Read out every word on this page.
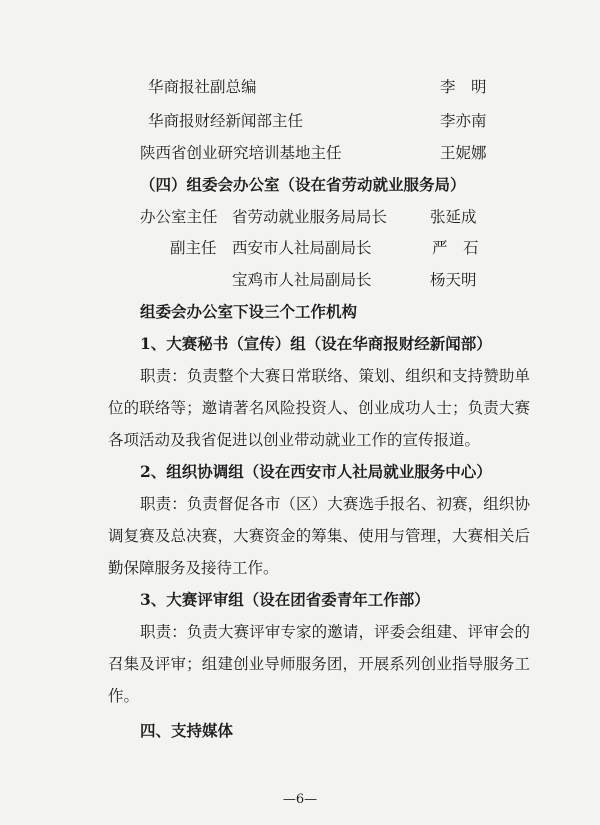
华商报社副总编	李　明
华商报财经新闻部主任	李亦南
陕西省创业研究培训基地主任	王妮娜
（四）组委会办公室（设在省劳动就业服务局）
办公室主任 省劳动就业服务局局长	张延成
副主任 西安市人社局副局长	严　石
宝鸡市人社局副局长	杨天明
组委会办公室下设三个工作机构
1、大赛秘书（宣传）组（设在华商报财经新闻部）
职责：负责整个大赛日常联络、策划、组织和支持赞助单
位的联络等；邀请著名风险投资人、创业成功人士；负责大赛
各项活动及我省促进以创业带动就业工作的宣传报道。
2、组织协调组（设在西安市人社局就业服务中心）
职责：负责督促各市（区）大赛选手报名、初赛，组织协
调复赛及总决赛，大赛资金的筹集、使用与管理，大赛相关后
勤保障服务及接待工作。
3、大赛评审组（设在团省委青年工作部）
职责：负责大赛评审专家的邀请，评委会组建、评审会的
召集及评审；组建创业导师服务团，开展系列创业指导服务工
作。
四、支持媒体
—6—
